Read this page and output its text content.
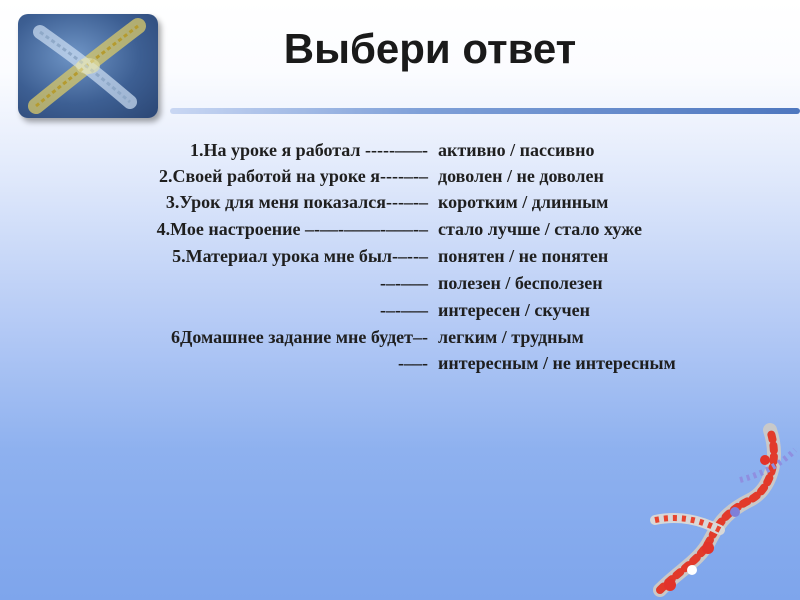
Выбери ответ
1.На уроке я работал -----–––- активно / пассивно
2.Своей работой на уроке я----–-– доволен / не доволен
3.Урок для меня показался---–-– коротким / длинным
4.Мое настроение –-––-––––-–––-– стало лучше / стало хуже
5.Материал урока мне был-–--– понятен / не понятен
-–-––– полезен / бесполезен
-–-––– интересен / скучен
6Домашнее задание мне будет–- легким / трудным
-––- интересным / не интересным
